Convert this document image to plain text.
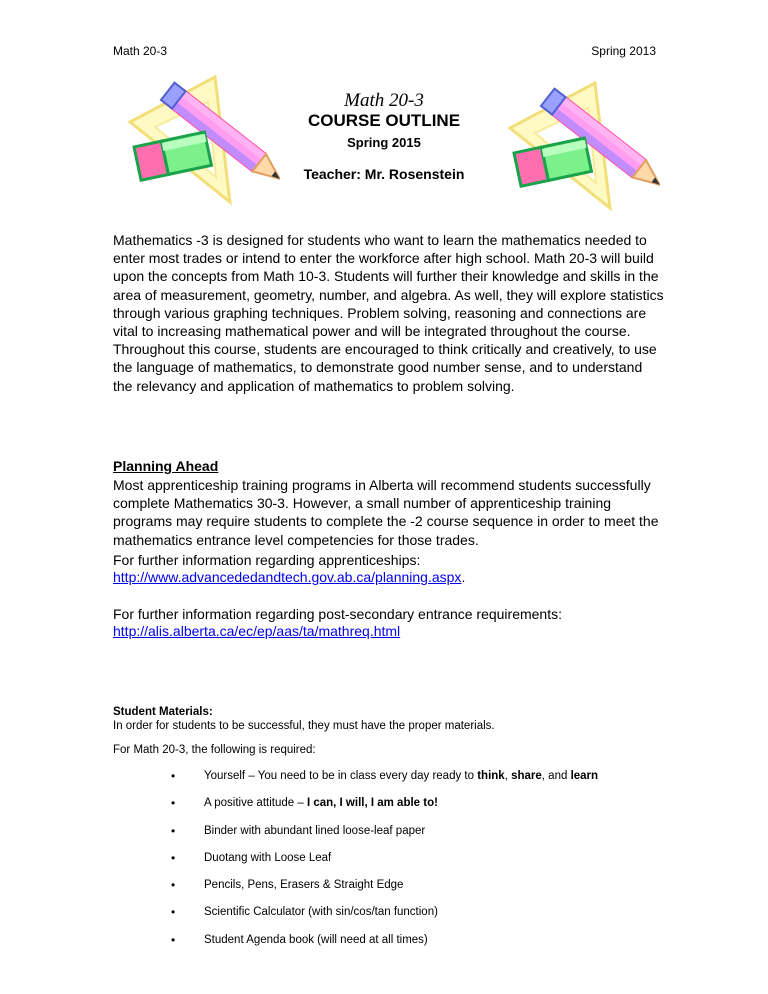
Math 20-3	Spring 2013
Math 20-3
COURSE OUTLINE
Spring 2015
Teacher: Mr. Rosenstein
Mathematics -3 is designed for students who want to learn the mathematics needed to enter most trades or intend to enter the workforce after high school. Math 20-3 will build upon the concepts from Math 10-3. Students will further their knowledge and skills in the area of measurement, geometry, number, and algebra. As well, they will explore statistics through various graphing techniques. Problem solving, reasoning and connections are vital to increasing mathematical power and will be integrated throughout the course. Throughout this course, students are encouraged to think critically and creatively, to use the language of mathematics, to demonstrate good number sense, and to understand the relevancy and application of mathematics to problem solving.
Planning Ahead
Most apprenticeship training programs in Alberta will recommend students successfully complete Mathematics 30-3. However, a small number of apprenticeship training programs may require students to complete the -2 course sequence in order to meet the mathematics entrance level competencies for those trades.
For further information regarding apprenticeships:
http://www.advancededandtech.gov.ab.ca/planning.aspx.
For further information regarding post-secondary entrance requirements:
http://alis.alberta.ca/ec/ep/aas/ta/mathreq.html
Student Materials:
In order for students to be successful, they must have the proper materials.
For Math 20-3, the following is required:
• Yourself – You need to be in class every day ready to think, share, and learn
• A positive attitude – I can, I will, I am able to!
• Binder with abundant lined loose-leaf paper
• Duotang with Loose Leaf
• Pencils, Pens, Erasers & Straight Edge
• Scientific Calculator (with sin/cos/tan function)
• Student Agenda book (will need at all times)
